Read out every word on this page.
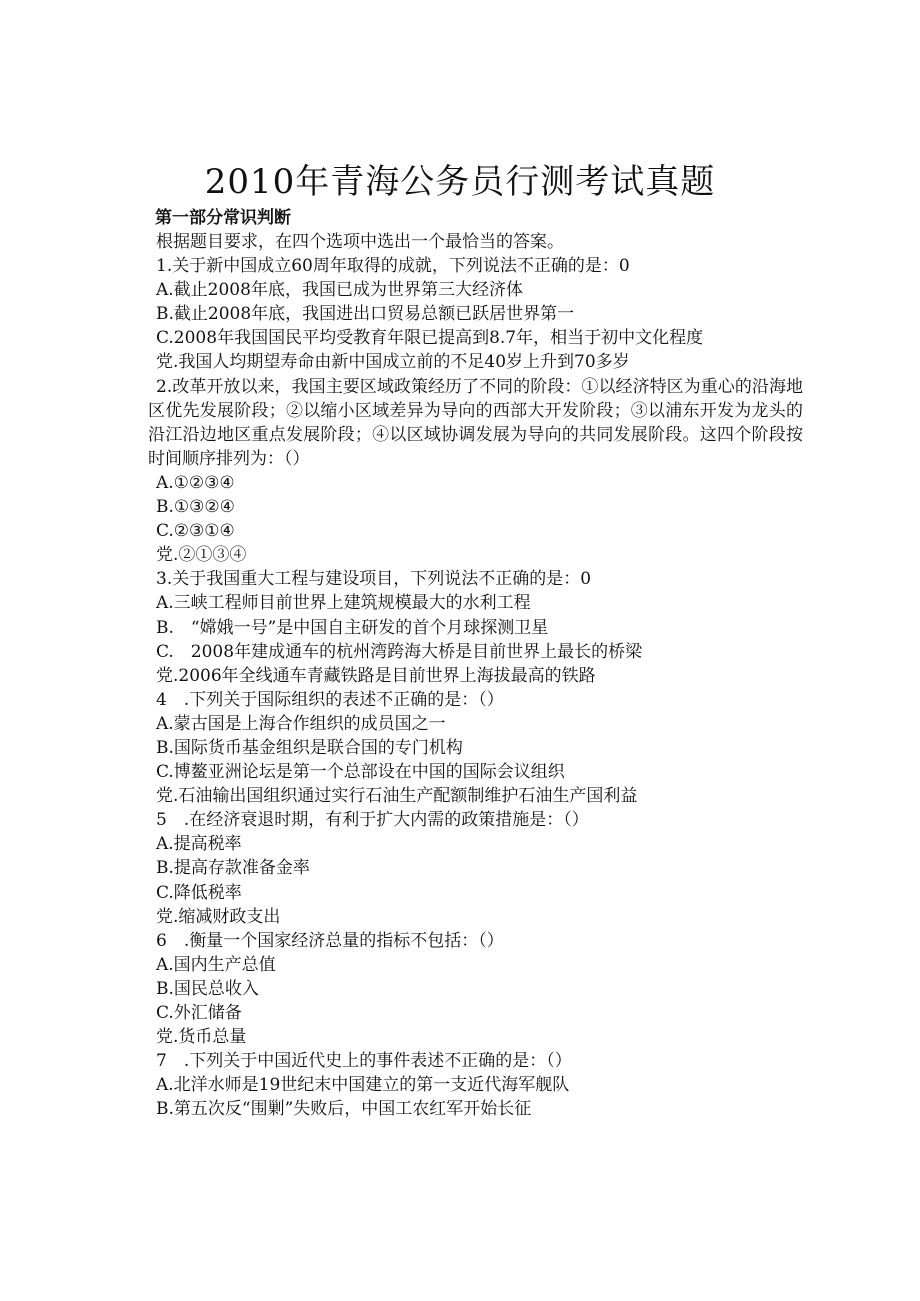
2010年青海公务员行测考试真题
第一部分常识判断
根据题目要求，在四个选项中选出一个最恰当的答案。
1.关于新中国成立60周年取得的成就，下列说法不正确的是：0
A.截止2008年底，我国已成为世界第三大经济体
B.截止2008年底，我国进出口贸易总额已跃居世界第一
C.2008年我国国民平均受教育年限已提高到8.7年，相当于初中文化程度
党.我国人均期望寿命由新中国成立前的不足40岁上升到70多岁
2.改革开放以来，我国主要区域政策经历了不同的阶段：①以经济特区为重心的沿海地区优先发展阶段；②以缩小区域差异为导向的西部大开发阶段；③以浦东开发为龙头的沿江沿边地区重点发展阶段；④以区域协调发展为导向的共同发展阶段。这四个阶段按时间顺序排列为：（）
A.①②③④
B.①③②④
C.②③①④
党.②①③④
3.关于我国重大工程与建设项目，下列说法不正确的是：0
A.三峡工程师目前世界上建筑规模最大的水利工程
B.　“嫦娥一号”是中国自主研发的首个月球探测卫星
C.　2008年建成通车的杭州湾跨海大桥是目前世界上最长的桥梁
党.2006年全线通车青藏铁路是目前世界上海拔最高的铁路
4　.下列关于国际组织的表述不正确的是：（）
A.蒙古国是上海合作组织的成员国之一
B.国际货币基金组织是联合国的专门机构
C.博鳌亚洲论坛是第一个总部设在中国的国际会议组织
党.石油输出国组织通过实行石油生产配额制维护石油生产国利益
5　.在经济衰退时期，有利于扩大内需的政策措施是：（）
A.提高税率
B.提高存款准备金率
C.降低税率
党.缩减财政支出
6　.衡量一个国家经济总量的指标不包括：（）
A.国内生产总值
B.国民总收入
C.外汇储备
党.货币总量
7　.下列关于中国近代史上的事件表述不正确的是：（）
A.北洋水师是19世纪末中国建立的第一支近代海军舰队
B.第五次反“围剿”失败后，中国工农红军开始长征
